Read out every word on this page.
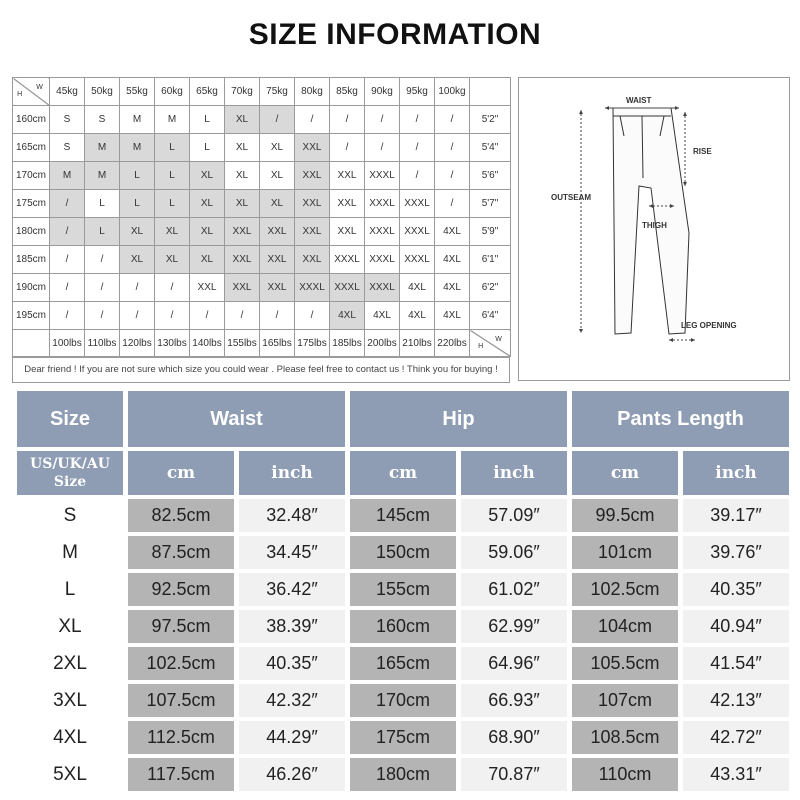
SIZE INFORMATION
HW	45kg	50kg	55kg	60kg	65kg	70kg	75kg	80kg	85kg	90kg	95kg	100kg	
160cm	S	S	M	M	L	XL	/	/	/	/	/	/	5'2"
165cm	S	M	M	L	L	XL	XL	XXL	/	/	/	/	5'4"
170cm	M	M	L	L	XL	XL	XL	XXL	XXL	XXXL	/	/	5'6"
175cm	/	L	L	L	XL	XL	XL	XXL	XXL	XXXL	XXXL	/	5'7"
180cm	/	L	XL	XL	XL	XXL	XXL	XXL	XXL	XXXL	XXXL	4XL	5'9"
185cm	/	/	XL	XL	XL	XXL	XXL	XXL	XXXL	XXXL	XXXL	4XL	6'1"
190cm	/	/	/	/	XXL	XXL	XXL	XXXL	XXXL	XXXL	4XL	4XL	6'2"
195cm	/	/	/	/	/	/	/	/	4XL	4XL	4XL	4XL	6'4"
	100lbs	110lbs	120lbs	130lbs	140lbs	155lbs	165lbs	175lbs	185lbs	200lbs	210lbs	220lbs	HW
Dear friend ! If you are not sure which size you could wear . Please feel free to contact us ! Think you for buying !
WAIST
RISE
OUTSEAM
THIGH
LEG OPENING
Size	Waist		Hip		Pants Length	
US/UK/AU
Size	cm	inch	cm	inch	cm	inch
S	82.5cm	32.48″	145cm	57.09″	99.5cm	39.17″
M	87.5cm	34.45″	150cm	59.06″	101cm	39.76″
L	92.5cm	36.42″	155cm	61.02″	102.5cm	40.35″
XL	97.5cm	38.39″	160cm	62.99″	104cm	40.94″
2XL	102.5cm	40.35″	165cm	64.96″	105.5cm	41.54″
3XL	107.5cm	42.32″	170cm	66.93″	107cm	42.13″
4XL	112.5cm	44.29″	175cm	68.90″	108.5cm	42.72″
5XL	117.5cm	46.26″	180cm	70.87″	110cm	43.31″
